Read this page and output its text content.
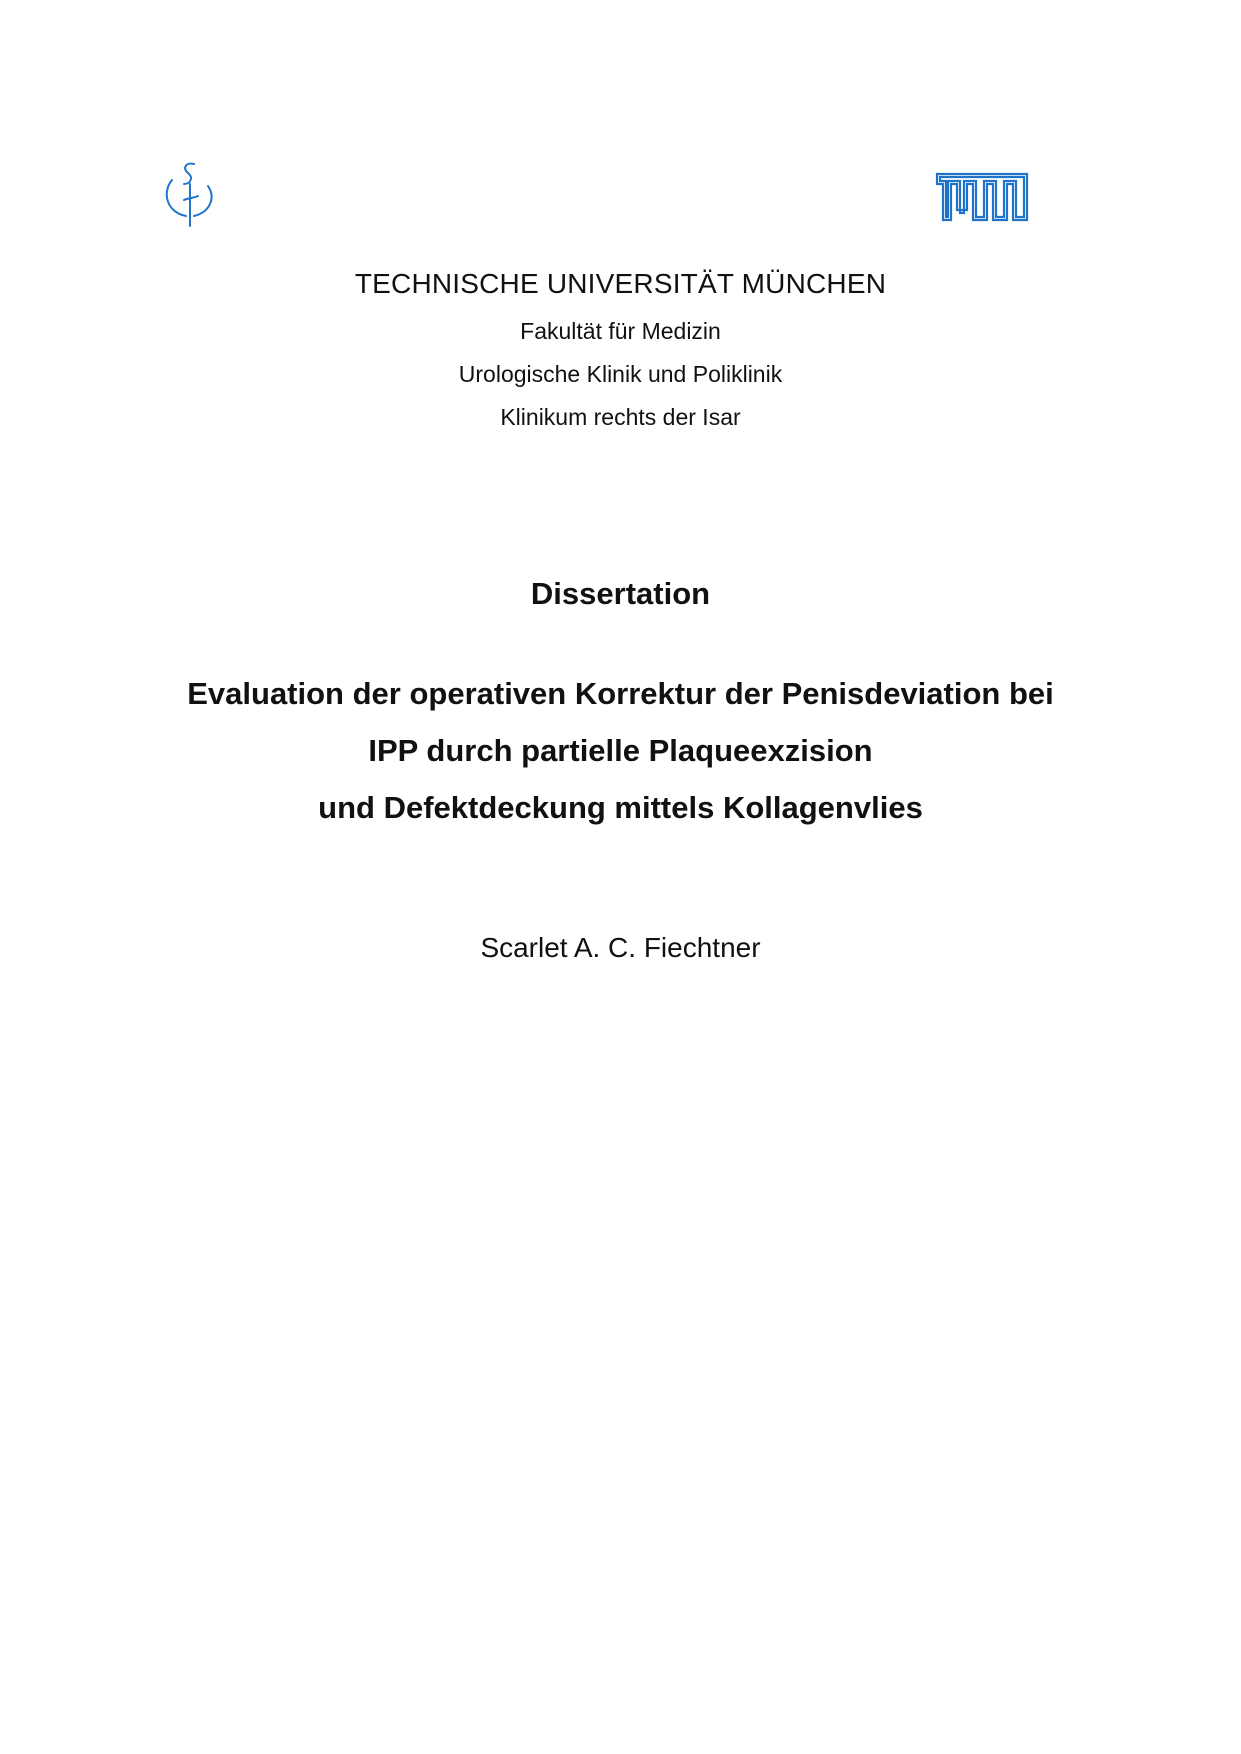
TECHNISCHE UNIVERSITÄT MÜNCHEN
Fakultät für Medizin
Urologische Klinik und Poliklinik
Klinikum rechts der Isar
Dissertation
Evaluation der operativen Korrektur der Penisdeviation bei
IPP durch partielle Plaqueexzision
und Defektdeckung mittels Kollagenvlies
Scarlet A. C. Fiechtner
